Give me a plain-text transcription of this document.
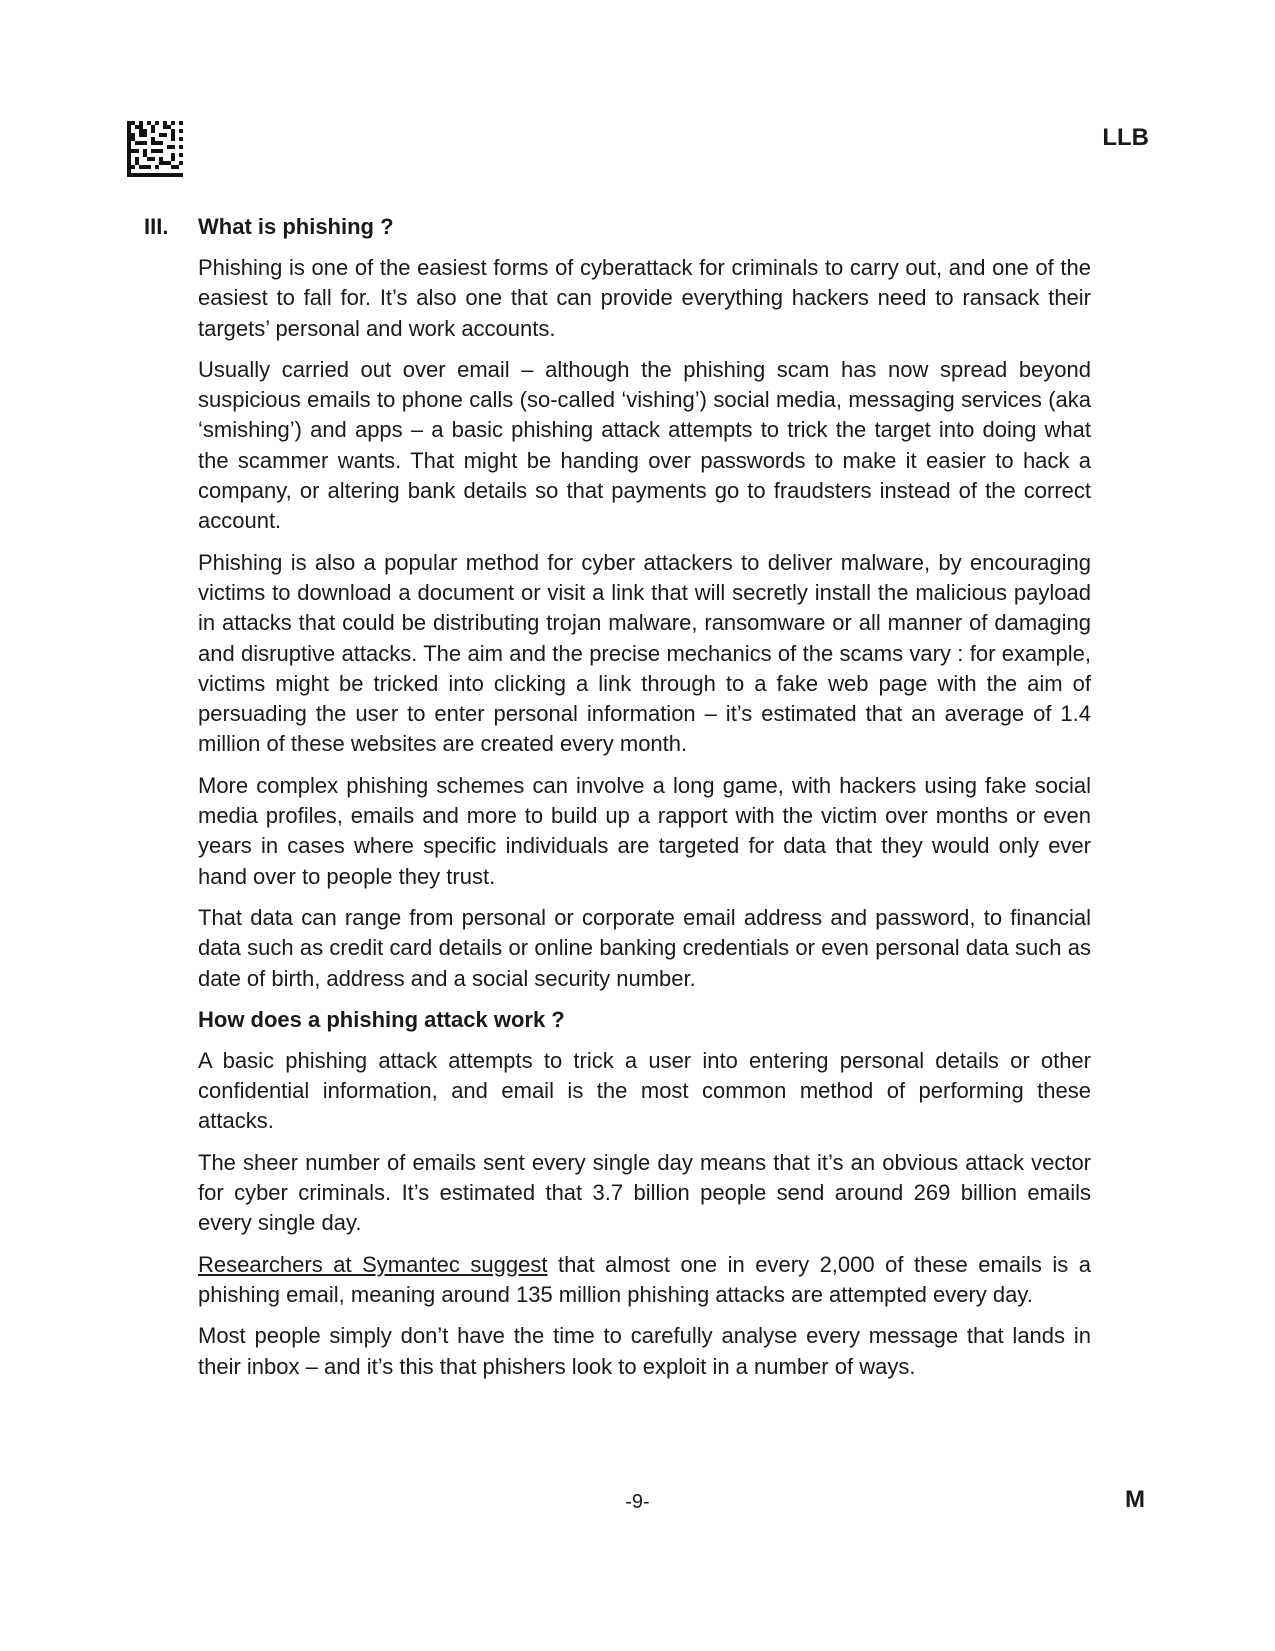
LLB
III. What is phishing ?

Phishing is one of the easiest forms of cyberattack for criminals to carry out, and one of the easiest to fall for. It’s also one that can provide everything hackers need to ransack their targets’ personal and work accounts.

Usually carried out over email – although the phishing scam has now spread beyond suspicious emails to phone calls (so-called ‘vishing’) social media, messaging services (aka ‘smishing’) and apps – a basic phishing attack attempts to trick the target into doing what the scammer wants. That might be handing over passwords to make it easier to hack a company, or altering bank details so that payments go to fraudsters instead of the correct account.

Phishing is also a popular method for cyber attackers to deliver malware, by encouraging victims to download a document or visit a link that will secretly install the malicious payload in attacks that could be distributing trojan malware, ransomware or all manner of damaging and disruptive attacks. The aim and the precise mechanics of the scams vary : for example, victims might be tricked into clicking a link through to a fake web page with the aim of persuading the user to enter personal information – it’s estimated that an average of 1.4 million of these websites are created every month.

More complex phishing schemes can involve a long game, with hackers using fake social media profiles, emails and more to build up a rapport with the victim over months or even years in cases where specific individuals are targeted for data that they would only ever hand over to people they trust.

That data can range from personal or corporate email address and password, to financial data such as credit card details or online banking credentials or even personal data such as date of birth, address and a social security number.

How does a phishing attack work ?

A basic phishing attack attempts to trick a user into entering personal details or other confidential information, and email is the most common method of performing these attacks.

The sheer number of emails sent every single day means that it’s an obvious attack vector for cyber criminals. It’s estimated that 3.7 billion people send around 269 billion emails every single day.

Researchers at Symantec suggest that almost one in every 2,000 of these emails is a phishing email, meaning around 135 million phishing attacks are attempted every day.

Most people simply don’t have the time to carefully analyse every message that lands in their inbox – and it’s this that phishers look to exploit in a number of ways.

-9-	M
